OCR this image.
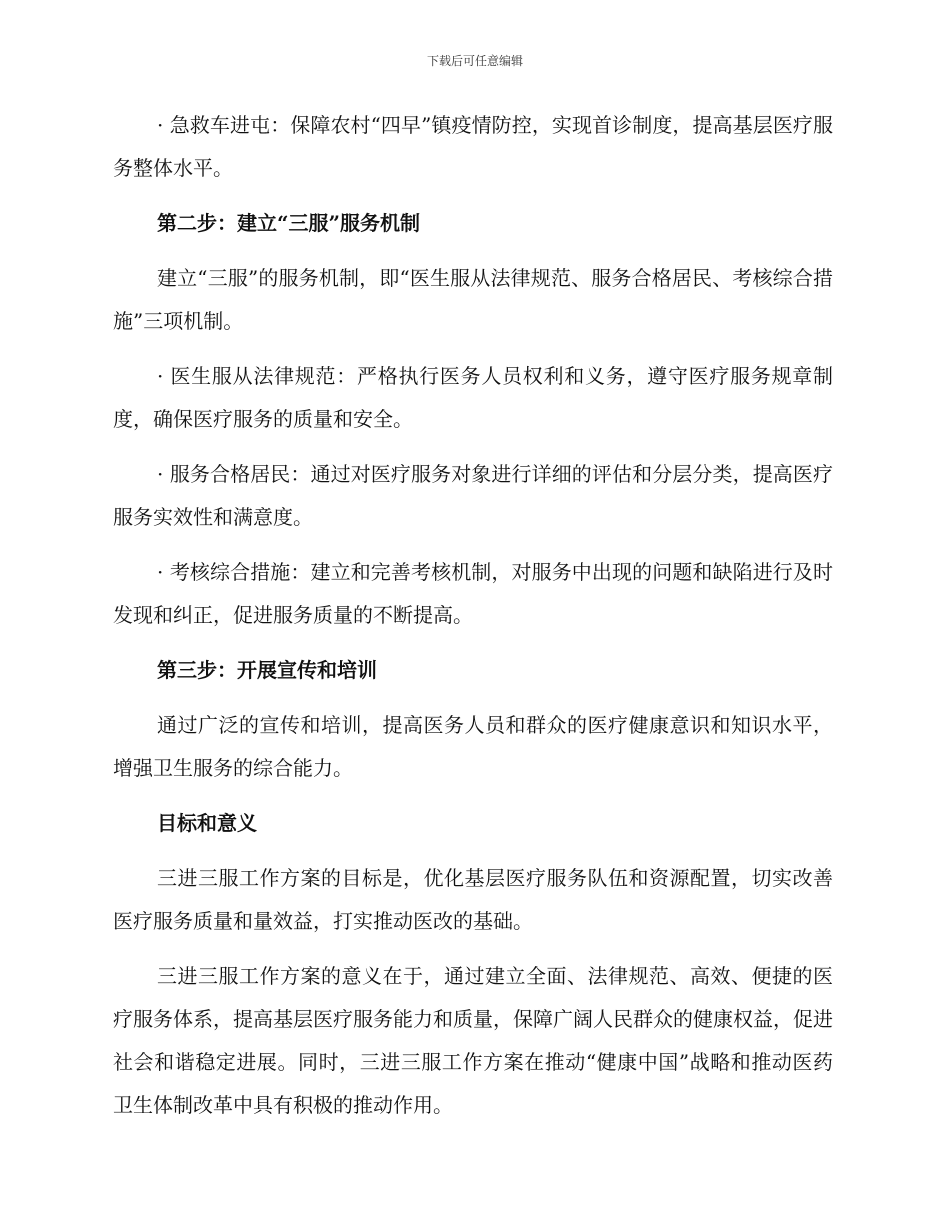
下载后可任意编辑

· 急救车进屯：保障农村“四早”镇疫情防控，实现首诊制度，提高基层医疗服务整体水平。

第二步：建立“三服”服务机制

建立“三服”的服务机制，即“医生服从法律规范、服务合格居民、考核综合措施”三项机制。

· 医生服从法律规范：严格执行医务人员权利和义务，遵守医疗服务规章制度，确保医疗服务的质量和安全。

· 服务合格居民：通过对医疗服务对象进行详细的评估和分层分类，提高医疗服务实效性和满意度。

· 考核综合措施：建立和完善考核机制，对服务中出现的问题和缺陷进行及时发现和纠正，促进服务质量的不断提高。

第三步：开展宣传和培训

通过广泛的宣传和培训，提高医务人员和群众的医疗健康意识和知识水平，增强卫生服务的综合能力。

目标和意义

三进三服工作方案的目标是，优化基层医疗服务队伍和资源配置，切实改善医疗服务质量和量效益，打实推动医改的基础。

三进三服工作方案的意义在于，通过建立全面、法律规范、高效、便捷的医疗服务体系，提高基层医疗服务能力和质量，保障广阔人民群众的健康权益，促进社会和谐稳定进展。同时，三进三服工作方案在推动“健康中国”战略和推动医药卫生体制改革中具有积极的推动作用。
